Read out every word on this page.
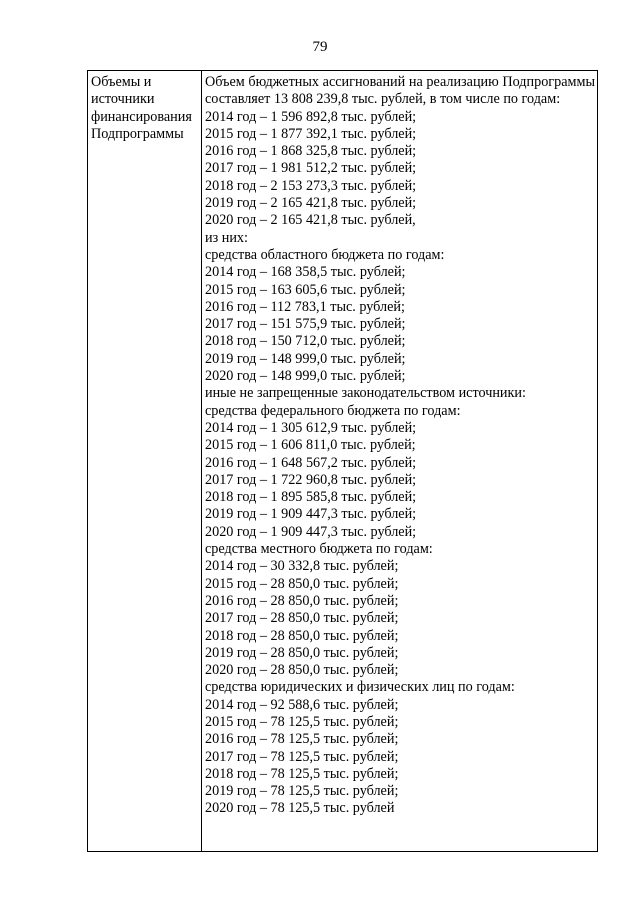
79
Объемы и
источники
финансирования
Подпрограммы
Объем бюджетных ассигнований на реализацию Подпрограммы составляет 13 808 239,8 тыс. рублей, в том числе по годам:
2014 год – 1 596 892,8 тыс. рублей;
2015 год – 1 877 392,1 тыс. рублей;
2016 год – 1 868 325,8 тыс. рублей;
2017 год – 1 981 512,2 тыс. рублей;
2018 год – 2 153 273,3 тыс. рублей;
2019 год – 2 165 421,8 тыс. рублей;
2020 год – 2 165 421,8 тыс. рублей,
из них:
средства областного бюджета по годам:
2014 год – 168 358,5 тыс. рублей;
2015 год – 163 605,6 тыс. рублей;
2016 год – 112 783,1 тыс. рублей;
2017 год – 151 575,9 тыс. рублей;
2018 год – 150 712,0 тыс. рублей;
2019 год – 148 999,0 тыс. рублей;
2020 год – 148 999,0 тыс. рублей;
иные не запрещенные законодательством источники:
средства федерального бюджета по годам:
2014 год – 1 305 612,9 тыс. рублей;
2015 год – 1 606 811,0 тыс. рублей;
2016 год – 1 648 567,2 тыс. рублей;
2017 год – 1 722 960,8 тыс. рублей;
2018 год – 1 895 585,8 тыс. рублей;
2019 год – 1 909 447,3 тыс. рублей;
2020 год – 1 909 447,3 тыс. рублей;
средства местного бюджета по годам:
2014 год – 30 332,8 тыс. рублей;
2015 год – 28 850,0 тыс. рублей;
2016 год – 28 850,0 тыс. рублей;
2017 год – 28 850,0 тыс. рублей;
2018 год – 28 850,0 тыс. рублей;
2019 год – 28 850,0 тыс. рублей;
2020 год – 28 850,0 тыс. рублей;
средства юридических и физических лиц по годам:
2014 год – 92 588,6 тыс. рублей;
2015 год – 78 125,5 тыс. рублей;
2016 год – 78 125,5 тыс. рублей;
2017 год – 78 125,5 тыс. рублей;
2018 год – 78 125,5 тыс. рублей;
2019 год – 78 125,5 тыс. рублей;
2020 год – 78 125,5 тыс. рублей
